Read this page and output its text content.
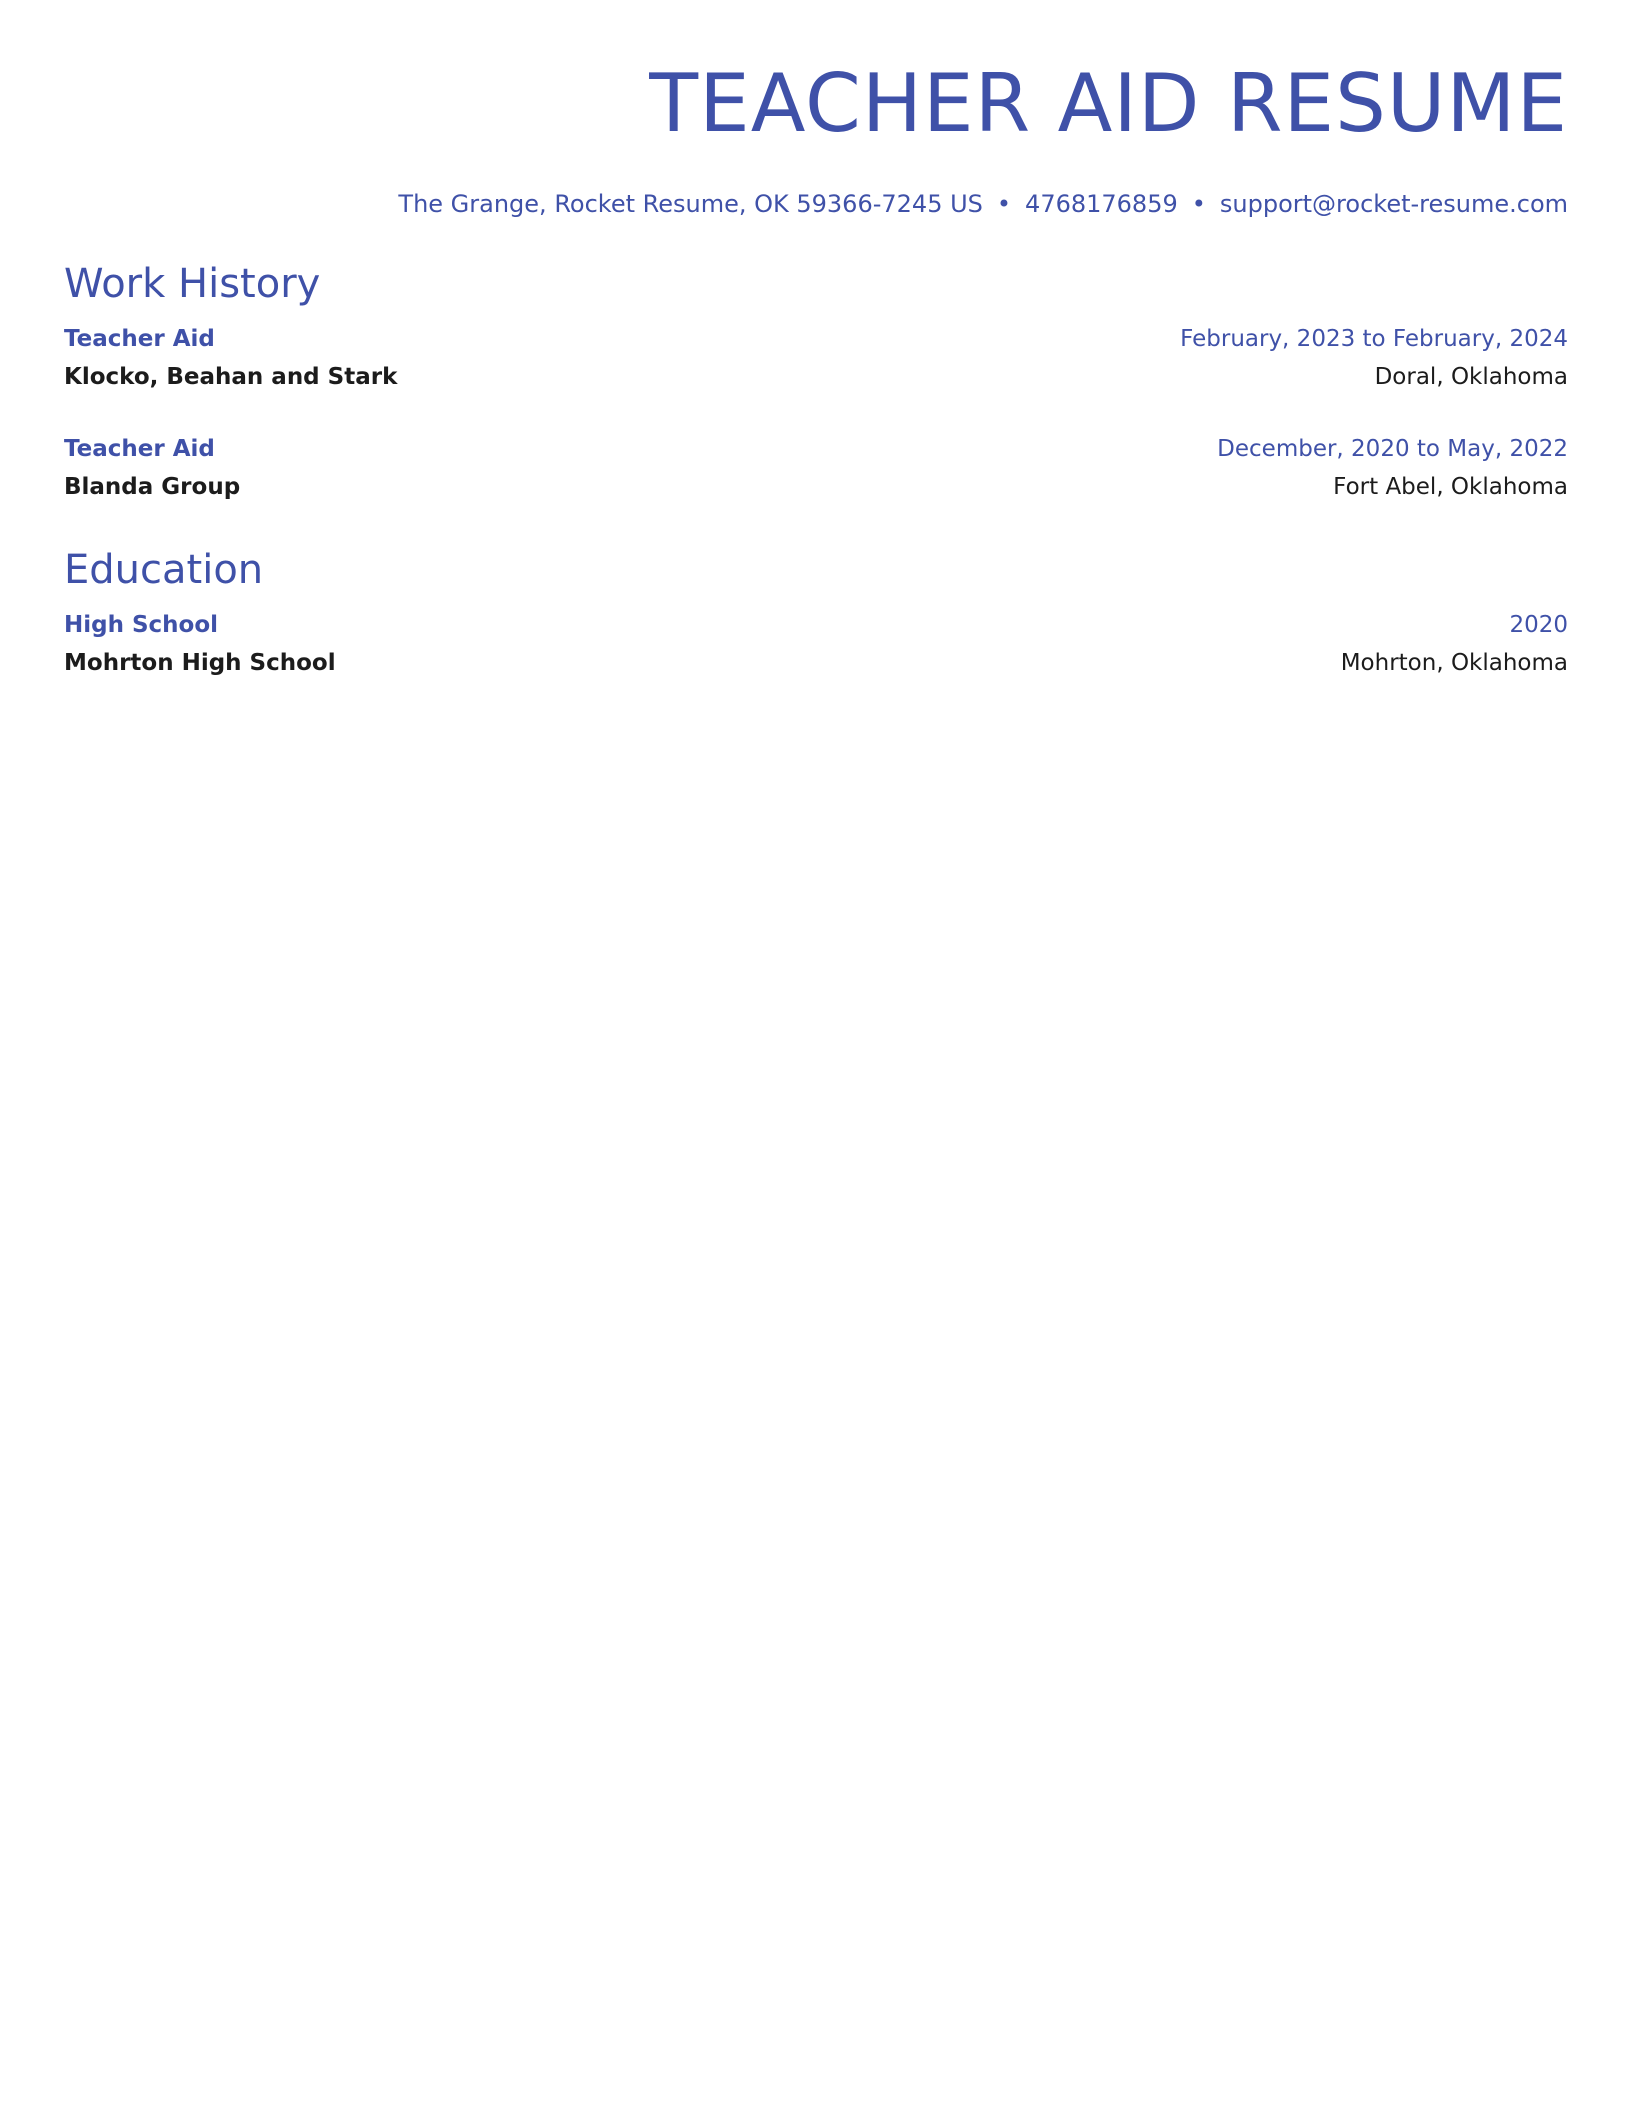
TEACHER AID RESUME
The Grange, Rocket Resume, OK 59366-7245 US • 4768176859 • support@rocket-resume.com
Work History
Teacher Aid	February, 2023 to February, 2024
Klocko, Beahan and Stark	Doral, Oklahoma
Teacher Aid	December, 2020 to May, 2022
Blanda Group	Fort Abel, Oklahoma
Education
High School	2020
Mohrton High School	Mohrton, Oklahoma
